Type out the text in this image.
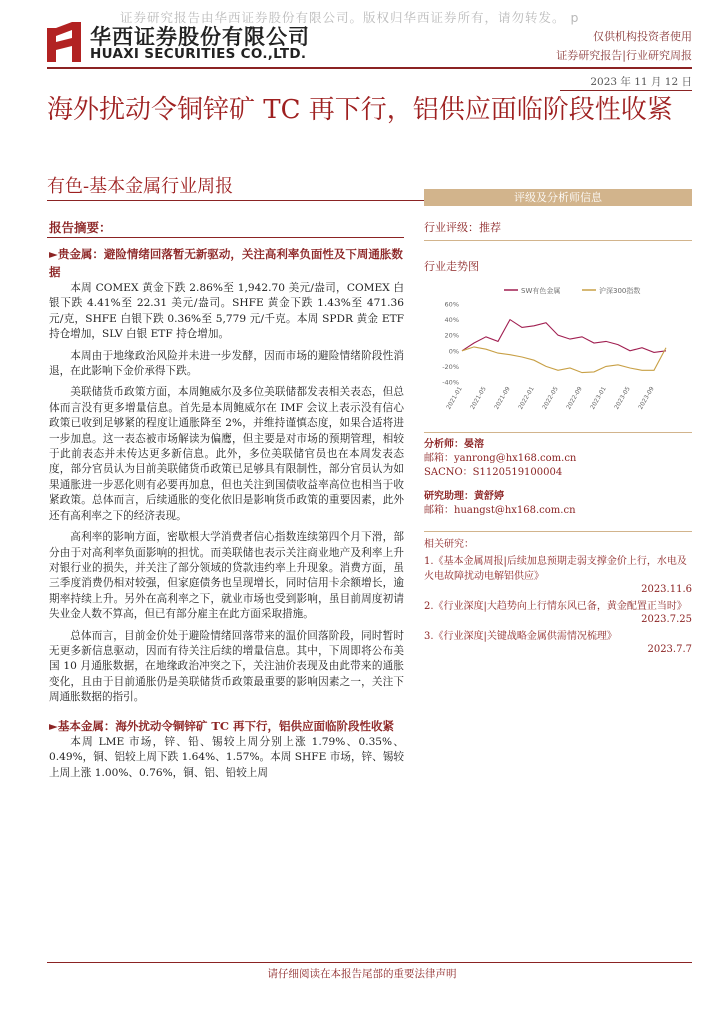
证券研究报告由华西证券股份有限公司。版权归华西证券所有，请勿转发。 p
华西证券股份有限公司
HUAXI SECURITIES CO.,LTD.
仅供机构投资者使用
证券研究报告|行业研究周报
2023 年 11 月 12 日
海外扰动令铜锌矿 TC 再下行，铝供应面临阶段性收紧
有色-基本金属行业周报
报告摘要：
►贵金属：避险情绪回落暂无新驱动，关注高利率负面性及下周通胀数据
本周 COMEX 黄金下跌 2.86%至 1,942.70 美元/盎司，COMEX 白银下跌 4.41%至 22.31 美元/盎司。SHFE 黄金下跌 1.43%至 471.36 元/克，SHFE 白银下跌 0.36%至 5,779 元/千克。本周 SPDR 黄金 ETF 持仓增加，SLV 白银 ETF 持仓增加。
本周由于地缘政治风险并未进一步发酵，因而市场的避险情绪阶段性消退，在此影响下金价承得下跌。
美联储货币政策方面，本周鲍威尔及多位美联储都发表相关表态，但总体而言没有更多增量信息。首先是本周鲍威尔在 IMF 会议上表示没有信心政策已收到足够紧的程度让通胀降至 2%，并维持谨慎态度，如果合适将进一步加息。这一表态被市场解读为偏鹰，但主要是对市场的预期管理，相较于此前表态并未传达更多新信息。此外，多位美联储官员也在本周发表态度，部分官员认为目前美联储货币政策已足够具有限制性，部分官员认为如果通胀进一步恶化则有必要再加息，但也关注到国债收益率高位也相当于收紧政策。总体而言，后续通胀的变化依旧是影响货币政策的重要因素，此外还有高利率之下的经济表现。
高利率的影响方面，密歇根大学消费者信心指数连续第四个月下滑，部分由于对高利率负面影响的担忧。而美联储也表示关注商业地产及利率上升对银行业的损失，并关注了部分领域的贷款违约率上升现象。消费方面，虽三季度消费仍相对较强，但家庭债务也呈现增长，同时信用卡余额增长，逾期率持续上升。另外在高利率之下，就业市场也受到影响，虽目前周度初请失业金人数不算高，但已有部分雇主在此方面采取措施。
总体而言，目前金价处于避险情绪回落带来的温价回落阶段，同时暂时无更多新信息驱动，因而有待关注后续的增量信息。其中，下周即将公布美国 10 月通胀数据，在地缘政治冲突之下，关注油价表现及由此带来的通胀变化，且由于目前通胀仍是美联储货币政策最重要的影响因素之一，关注下周通胀数据的指引。
►基本金属：海外扰动令铜锌矿 TC 再下行，铝供应面临阶段性收紧
本周 LME 市场，锌、铅、锡较上周分别上涨 1.79%、0.35%、0.49%，铜、铝较上周下跌 1.64%、1.57%。本周 SHFE 市场，锌、锡较上周上涨 1.00%、0.76%，铜、铝、铅较上周
评级及分析师信息
行业评级：推荐
行业走势图
SW有色金属	沪深300指数
60%
40%
20%
0%
-20%
-40%
2021-01 2021-05 2021-09 2022-01 2022-05 2022-09 2023-01 2023-05 2023-09
分析师：晏溶
邮箱：yanrong@hx168.com.cn
SACNO：S1120519100004
研究助理：黄舒婷
邮箱：huangst@hx168.com.cn
相关研究：
1.《基本金属周报|后续加息预期走弱支撑金价上行，水电及火电故障扰动电解铝供应》
2023.11.6
2.《行业深度|大趋势向上行情东风已备，黄金配置正当时》
2023.7.25
3.《行业深度|关键战略金属供需情况梳理》
2023.7.7
请仔细阅读在本报告尾部的重要法律声明
